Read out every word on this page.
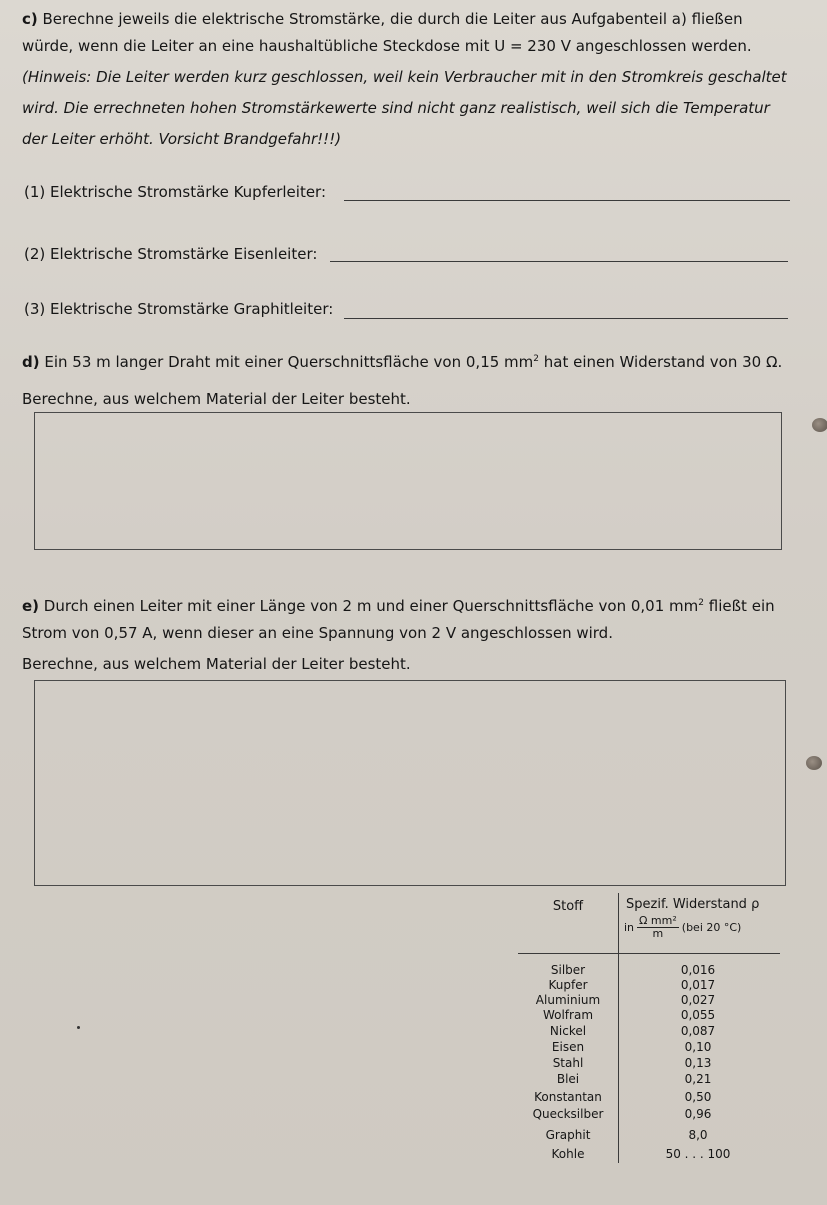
c) Berechne jeweils die elektrische Stromstärke, die durch die Leiter aus Aufgabenteil a) fließen
würde, wenn die Leiter an eine haushaltübliche Steckdose mit U = 230 V angeschlossen werden.
(Hinweis: Die Leiter werden kurz geschlossen, weil kein Verbraucher mit in den Stromkreis geschaltet
wird. Die errechneten hohen Stromstärkewerte sind nicht ganz realistisch, weil sich die Temperatur
der Leiter erhöht. Vorsicht Brandgefahr!!!)
(1) Elektrische Stromstärke Kupferleiter:
(2) Elektrische Stromstärke Eisenleiter:
(3) Elektrische Stromstärke Graphitleiter:
d) Ein 53 m langer Draht mit einer Querschnittsfläche von 0,15 $mm^2$ hat einen Widerstand von 30 Ω.
Berechne, aus welchem Material der Leiter besteht.
e) Durch einen Leiter mit einer Länge von 2 m und einer Querschnittsfläche von 0,01 $mm^2$ fließt ein
Strom von 0,57 A, wenn dieser an eine Spannung von 2 V angeschlossen wird.
Berechne, aus welchem Material der Leiter besteht.
Stoff	Spezif. Widerstand ρ
in $\frac{\text{Ω mm²}}{m} (bei$ 20 °C)
Silber	0,016
Kupfer	0,017
Aluminium	0,027
Wolfram	0,055
Nickel	0,087
Eisen	0,10
Stahl	0,13
Blei	0,21
Konstantan	0,50
Quecksilber	0,96
Graphit	8,0
Kohle	50 . . . 100
